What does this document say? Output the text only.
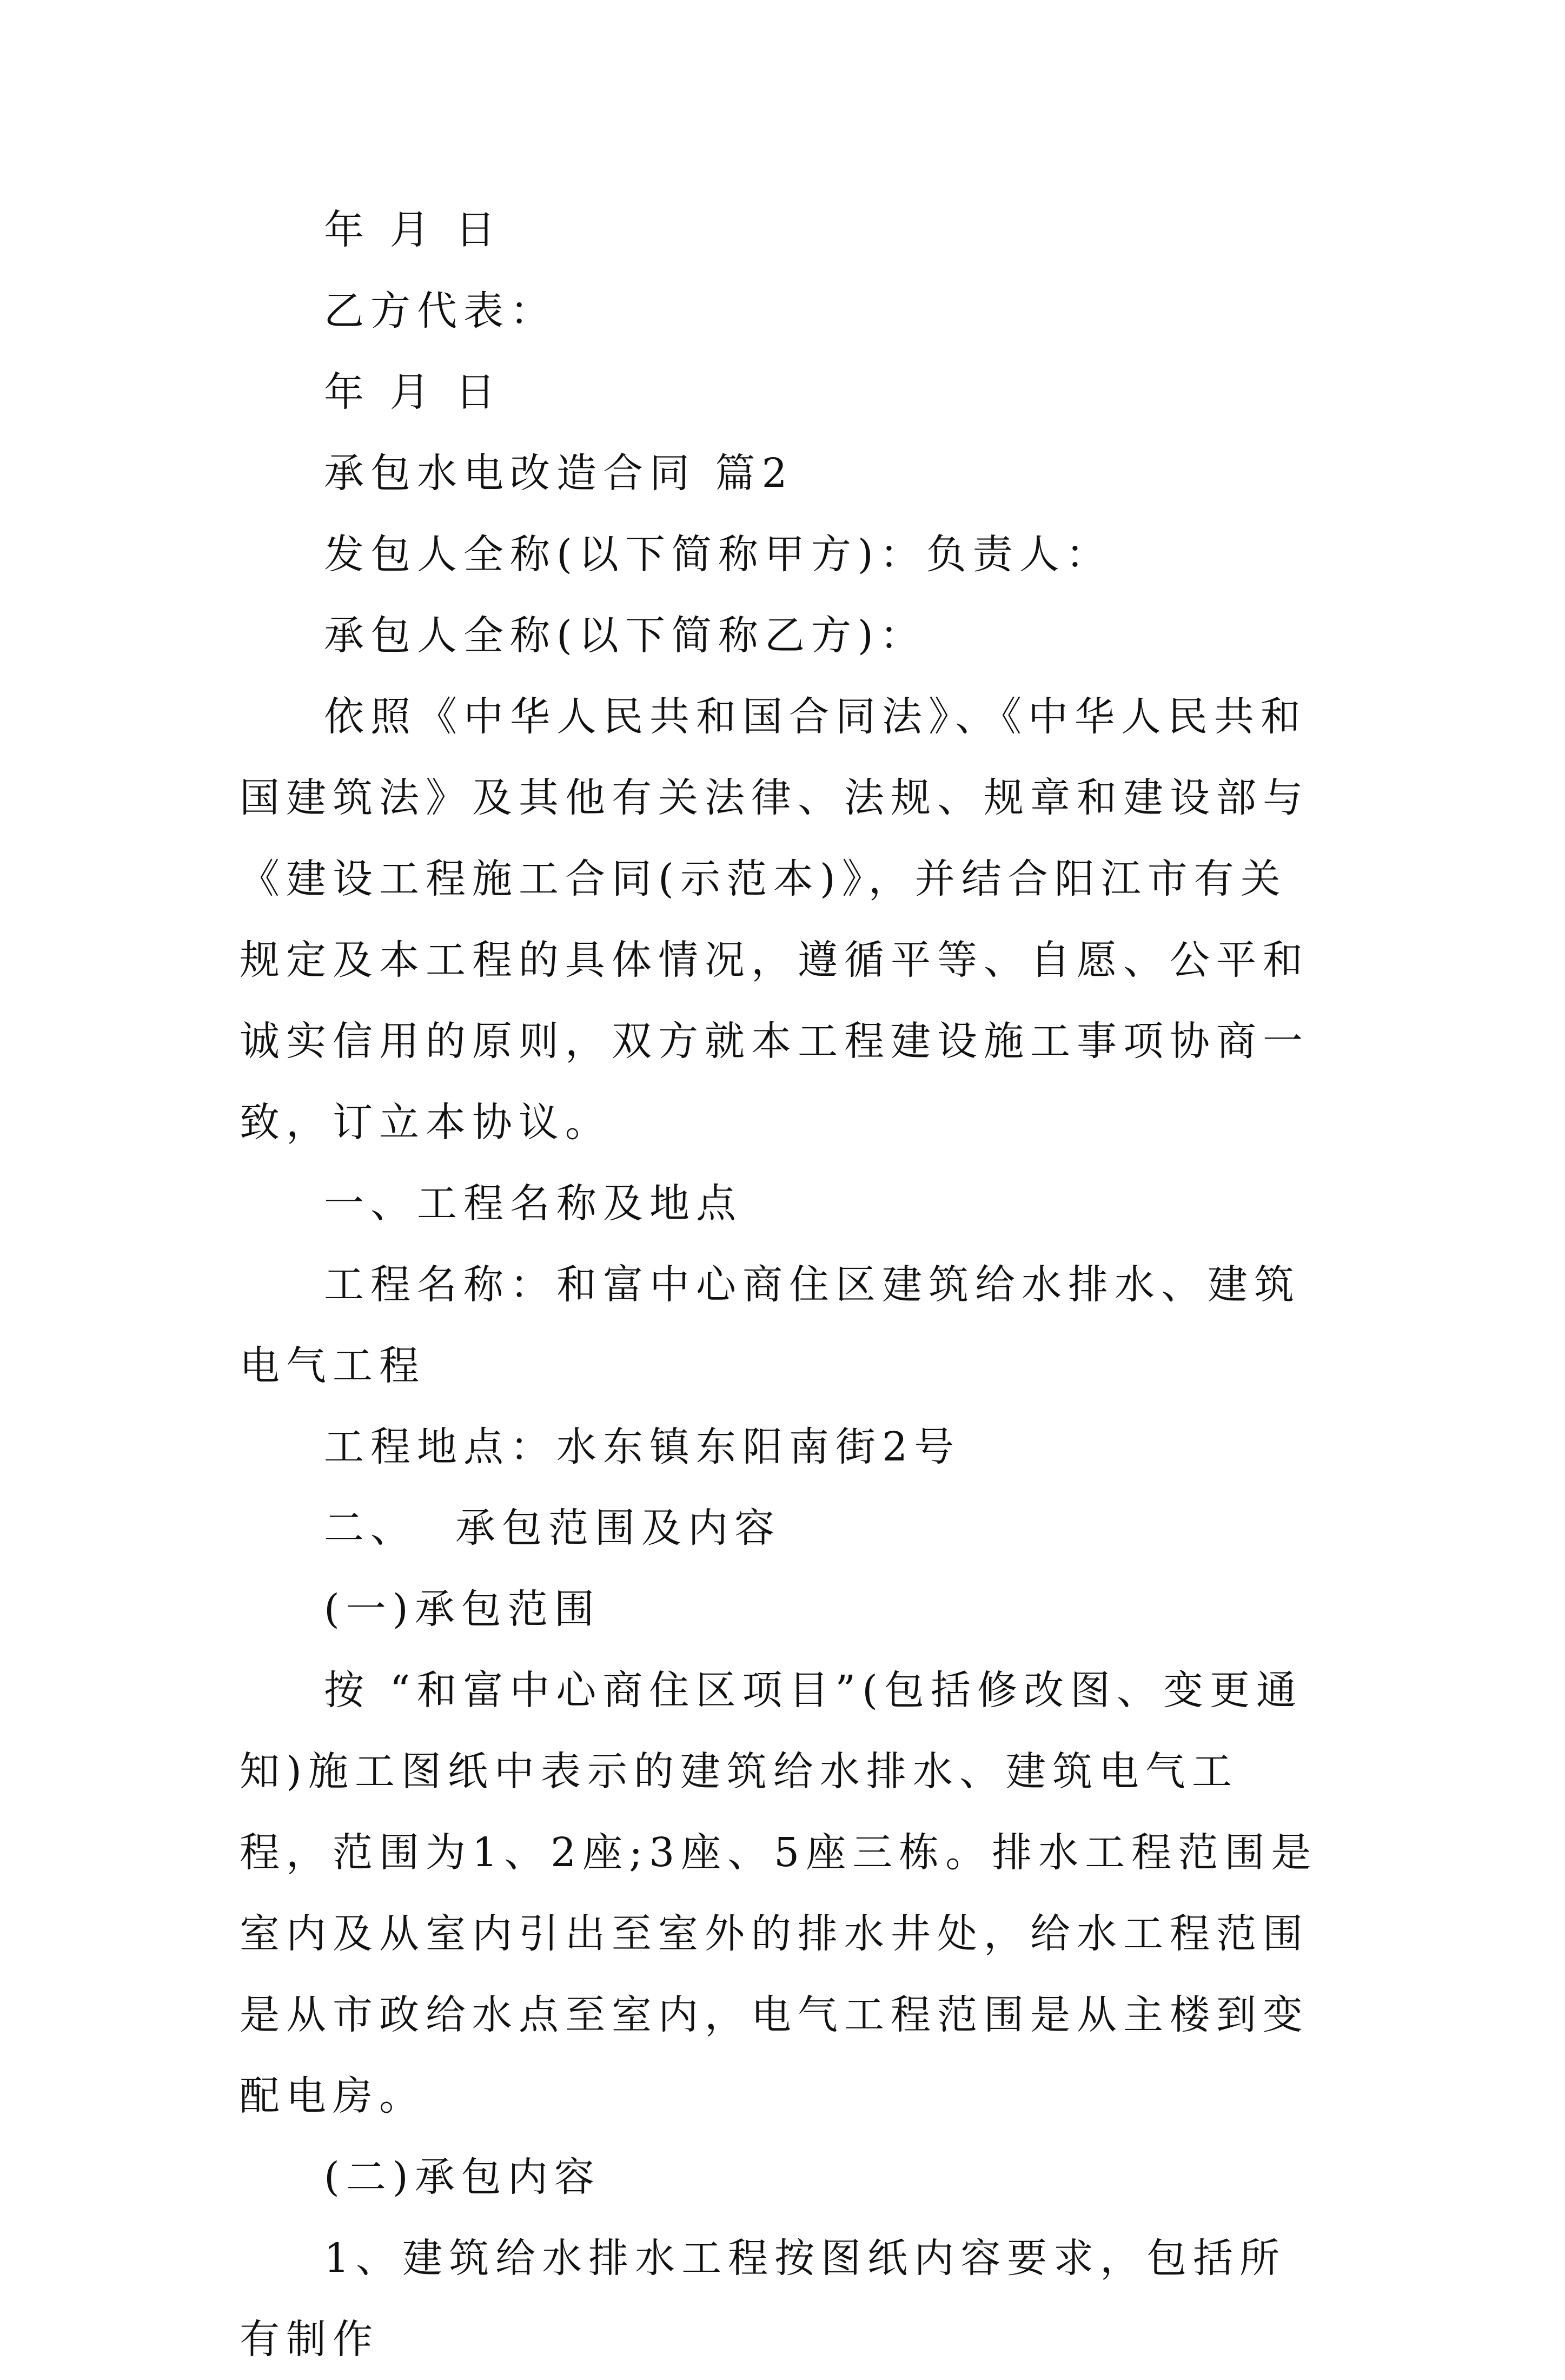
年 月 日

乙方代表：

年 月 日

承包水电改造合同 篇2

发包人全称(以下简称甲方)：负责人：

承包人全称(以下简称乙方)：

依照《中华人民共和国合同法》、《中华人民共和国建筑法》及其他有关法律、法规、规章和建设部与《建设工程施工合同(示范本)》，并结合阳江市有关规定及本工程的具体情况，遵循平等、自愿、公平和诚实信用的原则，双方就本工程建设施工事项协商一致，订立本协议。

一、工程名称及地点

工程名称：和富中心商住区建筑给水排水、建筑电气工程

工程地点：水东镇东阳南街2号

二、  承包范围及内容

(一)承包范围

按 “和富中心商住区项目”(包括修改图、变更通知)施工图纸中表示的建筑给水排水、建筑电气工程，范围为1、2座;3座、5座三栋。排水工程范围是室内及从室内引出至室外的排水井处，给水工程范围是从市政给水点至室内，电气工程范围是从主楼到变配电房。

(二)承包内容

1、建筑给水排水工程按图纸内容要求，包括所有制作
